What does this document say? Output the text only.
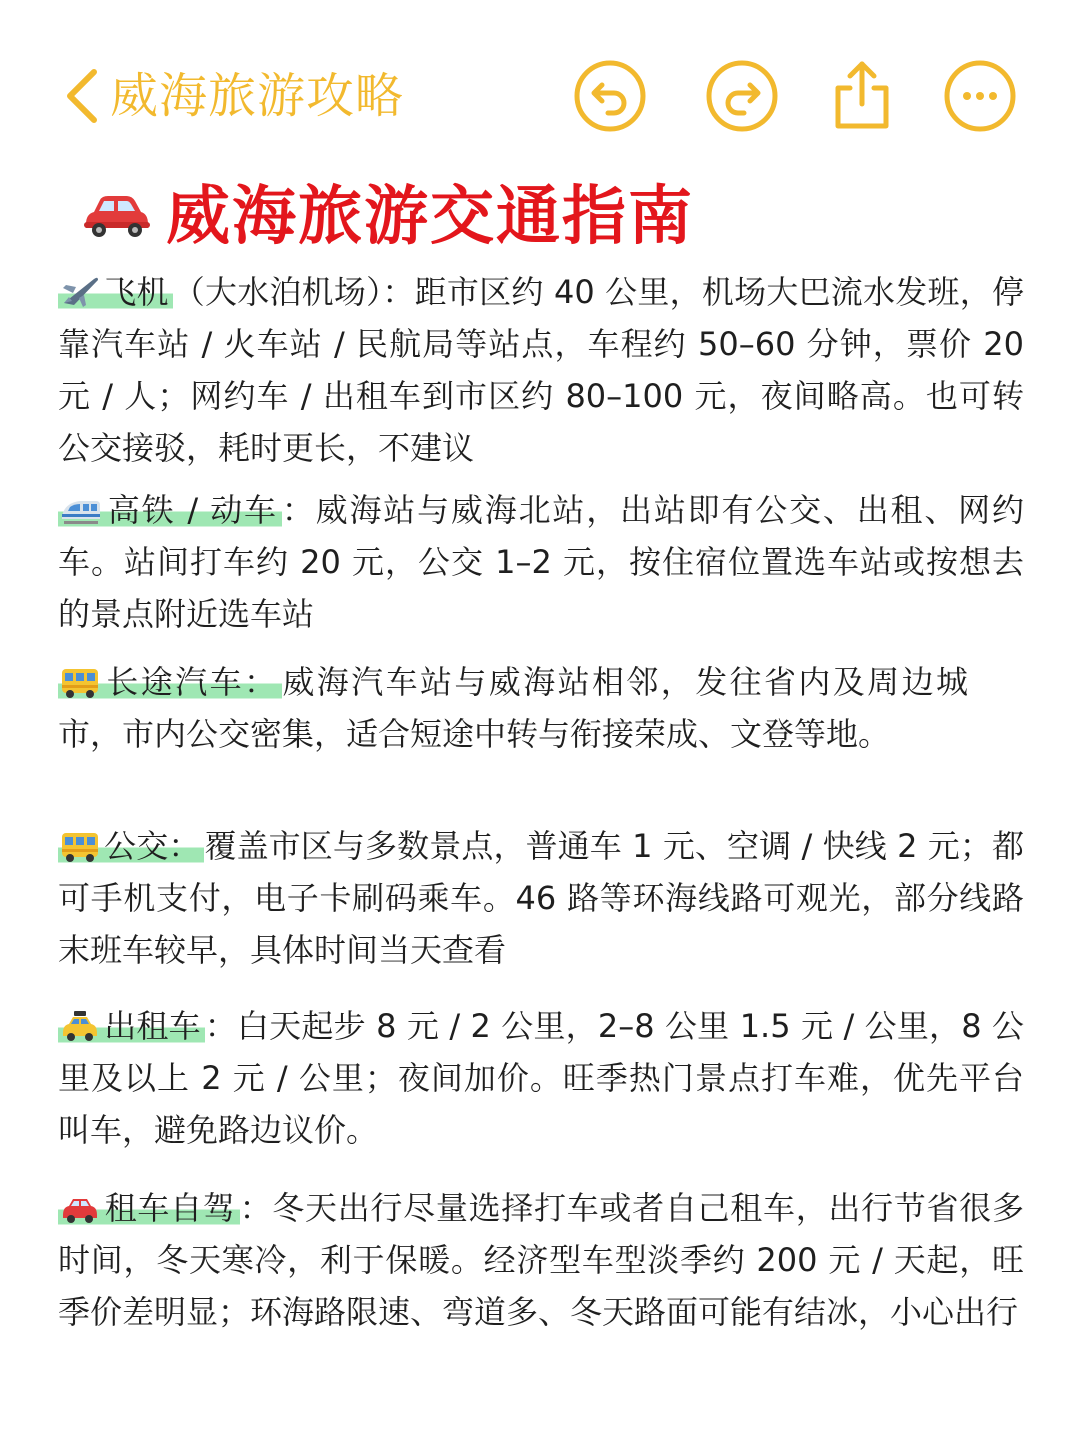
威海旅游攻略
威海旅游交通指南
飞机 （大水泊机场）：距市区约 40 公里，机场大巴流水发班，停靠汽车站 / 火车站 / 民航局等站点，车程约 50–60 分钟，票价 20 元 / 人；网约车 / 出租车到市区约 80–100 元，夜间略高。也可转公交接驳，耗时更长，不建议
高铁 / 动车 ：威海站与威海北站，出站即有公交、出租、网约车。站间打车约 20 元，公交 1–2 元，按住宿位置选车站或按想去的景点附近选车站
长途汽车： 威海汽车站与威海站相邻，发往省内及周边城市，市内公交密集，适合短途中转与衔接荣成、文登等地。
公交： 覆盖市区与多数景点，普通车 1 元、空调 / 快线 2 元；都可手机支付，电子卡刷码乘车。46 路等环海线路可观光，部分线路末班车较早，具体时间当天查看
出租车 ：白天起步 8 元 / 2 公里，2–8 公里 1.5 元 / 公里，8 公里及以上 2 元 / 公里；夜间加价。旺季热门景点打车难，优先平台叫车，避免路边议价。
租车自驾 ：冬天出行尽量选择打车或者自己租车，出行节省很多时间，冬天寒冷，利于保暖。经济型车型淡季约 200 元 / 天起，旺季价差明显；环海路限速、弯道多、冬天路面可能有结冰，小心出行
